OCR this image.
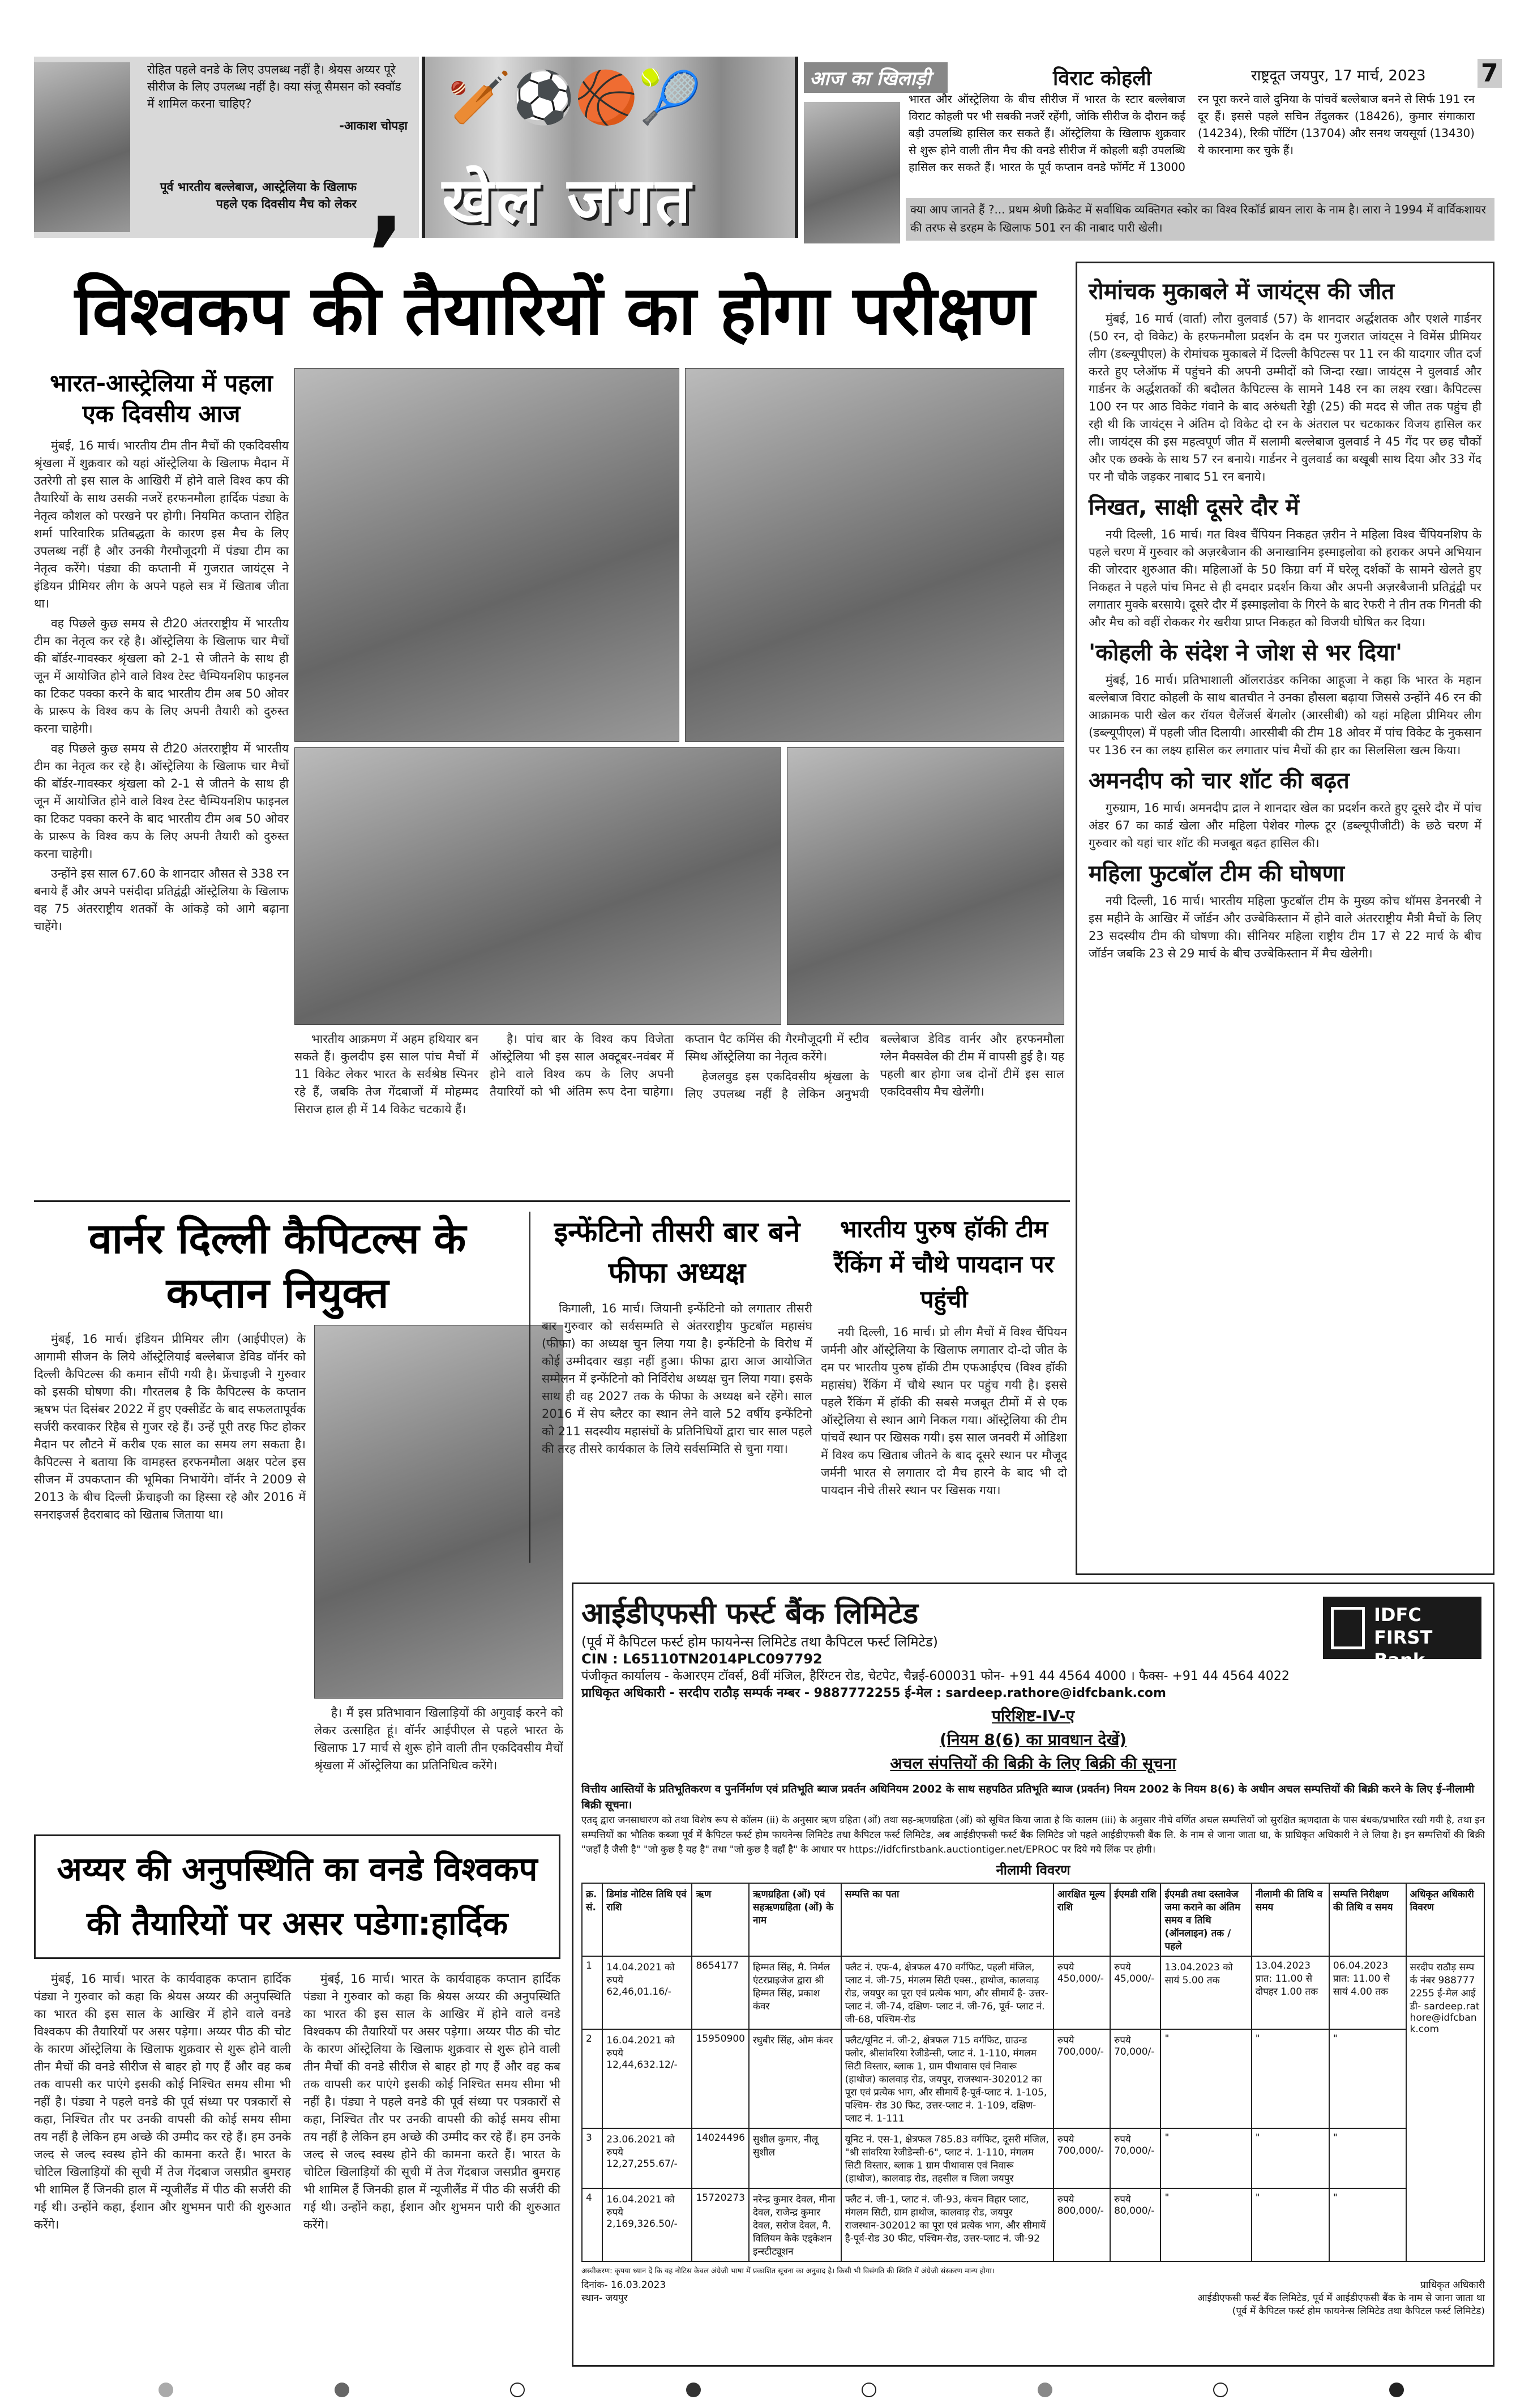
रोहित पहले वनडे के लिए उपलब्ध नहीं है। श्रेयस अय्यर पूरे सीरीज के लिए उपलब्ध नहीं है। क्या संजू सैमसन को स्क्वॉड में शामिल करना चाहिए?
-आकाश चोपड़ा
पूर्व भारतीय बल्लेबाज, आस्ट्रेलिया के खिलाफ पहले एक दिवसीय मैच को लेकर ,
🏏⚽🏀🎾
खेल जगत
आज का खिलाड़ी	विराट कोहली	राष्ट्रदूत जयपुर, 17 मार्च, 2023 7
भारत और ऑस्ट्रेलिया के बीच सीरीज में भारत के स्टार बल्लेबाज विराट कोहली पर भी सबकी नजरें रहेंगी, जोकि सीरीज के दौरान कई बड़ी उपलब्धि हासिल कर सकते हैं। ऑस्ट्रेलिया के खिलाफ शुक्रवार से शुरू होने वाली तीन मैच की वनडे सीरीज में कोहली बड़ी उपलब्धि हासिल कर सकते हैं। भारत के पूर्व कप्तान वनडे फॉर्मेट में 13000 रन पूरा करने वाले दुनिया के पांचवें बल्लेबाज बनने से सिर्फ 191 रन दूर हैं। इससे पहले सचिन तेंदुलकर (18426), कुमार संगाकारा (14234), रिकी पोंटिंग (13704) और सनथ जयसूर्या (13430) ये कारनामा कर चुके हैं।
क्या आप जानते हैं ?... प्रथम श्रेणी क्रिकेट में सर्वाधिक व्यक्तिगत स्कोर का विश्व रिकॉर्ड ब्रायन लारा के नाम है। लारा ने 1994 में वार्विकशायर की तरफ से डरहम के खिलाफ 501 रन की नाबाद पारी खेली।
विश्वकप की तैयारियों का होगा परीक्षण
भारत-आस्ट्रेलिया में पहला एक दिवसीय आज

मुंबई, 16 मार्च। भारतीय टीम तीन मैचों की एकदिवसीय श्रृंखला में शुक्रवार को यहां ऑस्ट्रेलिया के खिलाफ मैदान में उतरेगी तो इस साल के आखिरी में होने वाले विश्व कप की तैयारियों के साथ उसकी नजरें हरफनमौला हार्दिक पंड्या के नेतृत्व कौशल को परखने पर होगी। नियमित कप्तान रोहित शर्मा पारिवारिक प्रतिबद्धता के कारण इस मैच के लिए उपलब्ध नहीं है और उनकी गैरमौजूदगी में पंड्या टीम का नेतृत्व करेंगे। पंड्या की कप्तानी में गुजरात जायंट्स ने इंडियन प्रीमियर लीग के अपने पहले सत्र में खिताब जीता था।

वह पिछले कुछ समय से टी20 अंतरराष्ट्रीय में भारतीय टीम का नेतृत्व कर रहे है। ऑस्ट्रेलिया के खिलाफ चार मैचों की बॉर्डर-गावस्कर श्रृंखला को 2-1 से जीतने के साथ ही जून में आयोजित होने वाले विश्व टेस्ट चैम्पियनशिप फाइनल का टिकट पक्का करने के बाद भारतीय टीम अब 50 ओवर के प्रारूप के विश्व कप के लिए अपनी तैयारी को दुरुस्त करना चाहेगी।

वह पिछले कुछ समय से टी20 अंतरराष्ट्रीय में भारतीय टीम का नेतृत्व कर रहे है। ऑस्ट्रेलिया के खिलाफ चार मैचों की बॉर्डर-गावस्कर श्रृंखला को 2-1 से जीतने के साथ ही जून में आयोजित होने वाले विश्व टेस्ट चैम्पियनशिप फाइनल का टिकट पक्का करने के बाद भारतीय टीम अब 50 ओवर के प्रारूप के विश्व कप के लिए अपनी तैयारी को दुरुस्त करना चाहेगी।

उन्होंने इस साल 67.60 के शानदार औसत से 338 रन बनाये हैं और अपने पसंदीदा प्रतिद्वंद्वी ऑस्ट्रेलिया के खिलाफ वह 75 अंतरराष्ट्रीय शतकों के आंकड़े को आगे बढ़ाना चाहेंगे।

भारतीय आक्रमण में अहम हथियार बन सकते हैं। कुलदीप इस साल पांच मैचों में 11 विकेट लेकर भारत के सर्वश्रेष्ठ स्पिनर रहे हैं, जबकि तेज गेंदबाजों में मोहम्मद सिराज हाल ही में 14 विकेट चटकाये हैं।

है। पांच बार के विश्व कप विजेता ऑस्ट्रेलिया भी इस साल अक्टूबर-नवंबर में होने वाले विश्व कप के लिए अपनी तैयारियों को भी अंतिम रूप देना चाहेगा। कप्तान पैट कमिंस की गैरमौजूदगी में स्टीव स्मिथ ऑस्ट्रेलिया का नेतृत्व करेंगे।

हेजलवुड इस एकदिवसीय श्रृंखला के लिए उपलब्ध नहीं है लेकिन अनुभवी बल्लेबाज डेविड वार्नर और हरफनमौला ग्लेन मैक्सवेल की टीम में वापसी हुई है। यह पहली बार होगा जब दोनों टीमें इस साल एकदिवसीय मैच खेलेंगी।

रोमांचक मुकाबले में जायंट्स की जीत

मुंबई, 16 मार्च (वार्ता) लौरा वुलवार्ड (57) के शानदार अर्द्धशतक और एशले गार्डनर (50 रन, दो विकेट) के हरफनमौला प्रदर्शन के दम पर गुजरात जांयट्स ने विमेंस प्रीमियर लीग (डब्ल्यूपीएल) के रोमांचक मुकाबले में दिल्ली कैपिटल्स पर 11 रन की यादगार जीत दर्ज करते हुए प्लेऑफ में पहुंचने की अपनी उम्मीदों को जिन्दा रखा। जायंट्स ने वुलवार्ड और गार्डनर के अर्द्धशतकों की बदौलत कैपिटल्स के सामने 148 रन का लक्ष्य रखा। कैपिटल्स 100 रन पर आठ विकेट गंवाने के बाद अरुंधती रेड्डी (25) की मदद से जीत तक पहुंच ही रही थी कि जायंट्स ने अंतिम दो विकेट दो रन के अंतराल पर चटकाकर विजय हासिल कर ली। जायंट्स की इस महत्वपूर्ण जीत में सलामी बल्लेबाज वुलवार्ड ने 45 गेंद पर छह चौकों और एक छक्के के साथ 57 रन बनाये। गार्डनर ने वुलवार्ड का बखूबी साथ दिया और 33 गेंद पर नौ चौके जड़कर नाबाद 51 रन बनाये।

निखत, साक्षी दूसरे दौर में

नयी दिल्ली, 16 मार्च। गत विश्व चैंपियन निकहत ज़रीन ने महिला विश्व चैंपियनशिप के पहले चरण में गुरुवार को अज़रबैजान की अनाखानिम इस्माइलोवा को हराकर अपने अभियान की जोरदार शुरुआत की। महिलाओं के 50 किग्रा वर्ग में घरेलू दर्शकों के सामने खेलते हुए निकहत ने पहले पांच मिनट से ही दमदार प्रदर्शन किया और अपनी अज़रबैजानी प्रतिद्वंद्वी पर लगातार मुक्के बरसाये। दूसरे दौर में इस्माइलोवा के गिरने के बाद रेफरी ने तीन तक गिनती की और मैच को वहीं रोककर गेर खरीया प्राप्त निकहत को विजयी घोषित कर दिया।

'कोहली के संदेश ने जोश से भर दिया'

मुंबई, 16 मार्च। प्रतिभाशाली ऑलराउंडर कनिका आहूजा ने कहा कि भारत के महान बल्लेबाज विराट कोहली के साथ बातचीत ने उनका हौसला बढ़ाया जिससे उन्होंने 46 रन की आक्रामक पारी खेल कर रॉयल चैलेंजर्स बेंगलोर (आरसीबी) को यहां महिला प्रीमियर लीग (डब्ल्यूपीएल) में पहली जीत दिलायी। आरसीबी की टीम 18 ओवर में पांच विकेट के नुकसान पर 136 रन का लक्ष्य हासिल कर लगातार पांच मैचों की हार का सिलसिला खत्म किया।

अमनदीप को चार शॉट की बढ़त

गुरुग्राम, 16 मार्च। अमनदीप द्राल ने शानदार खेल का प्रदर्शन करते हुए दूसरे दौर में पांच अंडर 67 का कार्ड खेला और महिला पेशेवर गोल्फ टूर (डब्ल्यूपीजीटी) के छठे चरण में गुरुवार को यहां चार शॉट की मजबूत बढ़त हासिल की।

महिला फुटबॉल टीम की घोषणा

नयी दिल्ली, 16 मार्च। भारतीय महिला फुटबॉल टीम के मुख्य कोच थॉमस डेननरबी ने इस महीने के आखिर में जॉर्डन और उज्बेकिस्तान में होने वाले अंतरराष्ट्रीय मैत्री मैचों के लिए 23 सदस्यीय टीम की घोषणा की। सीनियर महिला राष्ट्रीय टीम 17 से 22 मार्च के बीच जॉर्डन जबकि 23 से 29 मार्च के बीच उज्बेकिस्तान में मैच खेलेगी।

वार्नर दिल्ली कैपिटल्स के कप्तान नियुक्त

मुंबई, 16 मार्च। इंडियन प्रीमियर लीग (आईपीएल) के आगामी सीजन के लिये ऑस्ट्रेलियाई बल्लेबाज डेविड वॉर्नर को दिल्ली कैपिटल्स की कमान सौंपी गयी है। फ्रेंचाइजी ने गुरुवार को इसकी घोषणा की। गौरतलब है कि कैपिटल्स के कप्तान ऋषभ पंत दिसंबर 2022 में हुए एक्सीडेंट के बाद सफलतापूर्वक सर्जरी करवाकर रिहैब से गुजर रहे हैं। उन्हें पूरी तरह फिट होकर मैदान पर लौटने में करीब एक साल का समय लग सकता है। कैपिटल्स ने बताया कि वामहस्त हरफनमौला अक्षर पटेल इस सीजन में उपकप्तान की भूमिका निभायेंगे। वॉर्नर ने 2009 से 2013 के बीच दिल्ली फ्रेंचाइजी का हिस्सा रहे और 2016 में सनराइजर्स हैदराबाद को खिताब जिताया था।

है। मैं इस प्रतिभावान खिलाड़ियों की अगुवाई करने को लेकर उत्साहित हूं। वॉर्नर आईपीएल से पहले भारत के खिलाफ 17 मार्च से शुरू होने वाली तीन एकदिवसीय मैचों श्रृंखला में ऑस्ट्रेलिया का प्रतिनिधित्व करेंगे।

इन्फेंटिनो तीसरी बार बने फीफा अध्यक्ष

किगाली, 16 मार्च। जियानी इन्फेंटिनो को लगातार तीसरी बार गुरुवार को सर्वसम्मति से अंतरराष्ट्रीय फुटबॉल महासंघ (फीफा) का अध्यक्ष चुन लिया गया है। इन्फेंटिनो के विरोध में कोई उम्मीदवार खड़ा नहीं हुआ। फीफा द्वारा आज आयोजित सम्मेलन में इन्फेंटिनो को निर्विरोध अध्यक्ष चुन लिया गया। इसके साथ ही वह 2027 तक के फीफा के अध्यक्ष बने रहेंगे। साल 2016 में सेप ब्लैटर का स्थान लेने वाले 52 वर्षीय इन्फेंटिनो को 211 सदस्यीय महासंघों के प्रतिनिधियों द्वारा चार साल पहले की तरह तीसरे कार्यकाल के लिये सर्वसम्मिति से चुना गया।

भारतीय पुरुष हॉकी टीम रैंकिंग में चौथे पायदान पर पहुंची

नयी दिल्ली, 16 मार्च। प्रो लीग मैचों में विश्व चैंपियन जर्मनी और ऑस्ट्रेलिया के खिलाफ लगातार दो-दो जीत के दम पर भारतीय पुरुष हॉकी टीम एफआईएच (विश्व हॉकी महासंघ) रैंकिंग में चौथे स्थान पर पहुंच गयी है। इससे पहले रैंकिंग में हॉकी की सबसे मजबूत टीमों में से एक ऑस्ट्रेलिया से स्थान आगे निकल गया। ऑस्ट्रेलिया की टीम पांचवें स्थान पर खिसक गयी। इस साल जनवरी में ओडिशा में विश्व कप खिताब जीतने के बाद दूसरे स्थान पर मौजूद जर्मनी भारत से लगातार दो मैच हारने के बाद भी दो पायदान नीचे तीसरे स्थान पर खिसक गया।

अय्यर की अनुपस्थिति का वनडे विश्वकप की तैयारियों पर असर पडेगा:हार्दिक

मुंबई, 16 मार्च। भारत के कार्यवाहक कप्तान हार्दिक पंड्या ने गुरुवार को कहा कि श्रेयस अय्यर की अनुपस्थिति का भारत की इस साल के आखिर में होने वाले वनडे विश्वकप की तैयारियों पर असर पड़ेगा। अय्यर पीठ की चोट के कारण ऑस्ट्रेलिया के खिलाफ शुक्रवार से शुरू होने वाली तीन मैचों की वनडे सीरीज से बाहर हो गए हैं और वह कब तक वापसी कर पाएंगे इसकी कोई निश्चित समय सीमा भी नहीं है। पंड्या ने पहले वनडे की पूर्व संध्या पर पत्रकारों से कहा, निश्चित तौर पर उनकी वापसी की कोई समय सीमा तय नहीं है लेकिन हम अच्छे की उम्मीद कर रहे हैं। हम उनके जल्द से जल्द स्वस्थ होने की कामना करते हैं। भारत के चोटिल खिलाड़ियों की सूची में तेज गेंदबाज जसप्रीत बुमराह भी शामिल हैं जिनकी हाल में न्यूजीलैंड में पीठ की सर्जरी की गई थी। उन्होंने कहा, ईशान और शुभमन पारी की शुरुआत करेंगे।

मुंबई, 16 मार्च। भारत के कार्यवाहक कप्तान हार्दिक पंड्या ने गुरुवार को कहा कि श्रेयस अय्यर की अनुपस्थिति का भारत की इस साल के आखिर में होने वाले वनडे विश्वकप की तैयारियों पर असर पड़ेगा। अय्यर पीठ की चोट के कारण ऑस्ट्रेलिया के खिलाफ शुक्रवार से शुरू होने वाली तीन मैचों की वनडे सीरीज से बाहर हो गए हैं और वह कब तक वापसी कर पाएंगे इसकी कोई निश्चित समय सीमा भी नहीं है। पंड्या ने पहले वनडे की पूर्व संध्या पर पत्रकारों से कहा, निश्चित तौर पर उनकी वापसी की कोई समय सीमा तय नहीं है लेकिन हम अच्छे की उम्मीद कर रहे हैं। हम उनके जल्द से जल्द स्वस्थ होने की कामना करते हैं। भारत के चोटिल खिलाड़ियों की सूची में तेज गेंदबाज जसप्रीत बुमराह भी शामिल हैं जिनकी हाल में न्यूजीलैंड में पीठ की सर्जरी की गई थी। उन्होंने कहा, ईशान और शुभमन पारी की शुरुआत करेंगे।

आईडीएफसी फर्स्ट बैंक लिमिटेड
(पूर्व में कैपिटल फर्स्ट होम फायनेन्स लिमिटेड तथा कैपिटल फर्स्ट लिमिटेड)
CIN : L65110TN2014PLC097792
पंजीकृत कार्यालय - केआरएम टॉवर्स, 8वीं मंजिल, हैरिंग्टन रोड, चेटपेट, चैन्नई-600031 फोन- +91 44 4564 4000 । फैक्स- +91 44 4564 4022
प्राधिकृत अधिकारी - सरदीप राठौड़ सम्पर्क नम्बर - 9887772255 ई-मेल : sardeep.rathore@idfcbank.com
IDFC FIRST
Bank
परिशिष्ट-IV-ए
(नियम 8(6) का प्रावधान देखें)
अचल संपत्तियों की बिक्री के लिए बिक्री की सूचना
वित्तीय आस्तियों के प्रतिभूतिकरण व पुनर्निर्माण एवं प्रतिभूति ब्याज प्रवर्तन अधिनियम 2002 के साथ सहपठित प्रतिभूति ब्याज (प्रवर्तन) नियम 2002 के नियम 8(6) के अधीन अचल सम्पत्तियों की बिक्री करने के लिए ई-नीलामी बिक्री सूचना।
एतद् द्वारा जनसाधारण को तथा विशेष रूप से कॉलम (ii) के अनुसार ऋण ग्रहिता (ओं) तथा सह-ऋणग्रहिता (ओं) को सूचित किया जाता है कि कालम (iii) के अनुसार नीचे वर्णित अचल सम्पत्तियों जो सुरक्षित ऋणदाता के पास बंधक/प्रभारित रखी गयी है, तथा इन सम्पत्तियों का भौतिक कब्जा पूर्व में कैपिटल फर्स्ट होम फायनेन्स लिमिटेड तथा कैपिटल फर्स्ट लिमिटेड, अब आईडीएफसी फर्स्ट बैंक लिमिटेड जो पहले आईडीएफसी बैंक लि. के नाम से जाना जाता था, के प्राधिकृत अधिकारी ने ले लिया है। इन सम्पत्तियों की बिक्री "जहाँ है जैसी है" "जो कुछ है यह है" तथा "जो कुछ है वहाँ है" के आधार पर https://idfcfirstbank.auctiontiger.net/EPROC पर दिये गये लिंक पर होगी।
नीलामी विवरण
क्र. सं.	डिमांड नोटिस तिथि एवं राशि	ऋण	ऋणग्रहिता (ओं) एवं सहऋणग्रहिता (ओं) के नाम	सम्पत्ति का पता	आरक्षित मूल्य राशि	ईएमडी राशि	ईएमडी तथा दस्तावेज जमा कराने का अंतिम समय व तिथि (ऑनलाइन) तक / पहले	नीलामी की तिथि व समय	सम्पत्ति निरीक्षण की तिथि व समय	अधिकृत अधिकारी विवरण
1	14.04.2021 को रुपये 62,46,01.16/-	8654177	हिम्मत सिंह, मै. निर्मल एंटरप्राइजेज द्वारा श्री हिम्मत सिंह, प्रकाश कंवर	फ्लैट नं. एफ-4, क्षेत्रफल 470 वर्गफिट, पहली मंजिल, प्लाट नं. जी-75, मंगलम सिटी एक्स., हाथोज, कालवाड़ रोड, जयपुर का पूरा एवं प्रत्येक भाग, और सीमायें है- उत्तर-प्लाट नं. जी-74, दक्षिण- प्लाट नं. जी-76, पूर्व- प्लाट नं. जी-68, पश्चिम-रोड	रुपये 450,000/-	रुपये 45,000/-	13.04.2023 को सायं 5.00 तक	13.04.2023 प्रात: 11.00 से दोपहर 1.00 तक	06.04.2023 प्रात: 11.00 से सायं 4.00 तक	सरदीप राठौड़ सम्पर्क नंबर 9887772255 ई-मेल आईडी- sardeep.rathore@idfcbank.com
2	16.04.2021 को रुपये 12,44,632.12/-	15950900	रघुबीर सिंह, ओम कंवर	फ्लैट/यूनिट नं. जी-2, क्षेत्रफल 715 वर्गफिट, ग्राउन्ड फ्लोर, श्रीसांवरिया रेजीडेन्सी, प्लाट नं. 1-110, मंगलम सिटी विस्तार, ब्लाक 1, ग्राम पीथावास एवं निवारू (हाथोज) कालवाड़ रोड, जयपुर, राजस्थान-302012 का पूरा एवं प्रत्येक भाग, और सीमायें है-पूर्व-प्लाट नं. 1-105, पश्चिम- रोड 30 फिट, उत्तर-प्लाट नं. 1-109, दक्षिण- प्लाट नं. 1-111	रुपये 700,000/-	रुपये 70,000/-	"	"	"	
3	23.06.2021 को रुपये 12,27,255.67/-	14024496	सुशील कुमार, नीलू सुशील	यूनिट नं. एस-1, क्षेत्रफल 785.83 वर्गफिट, दूसरी मंजिल, "श्री सांवरिया रेजीडेन्सी-6", प्लाट नं. 1-110, मंगलम सिटी विस्तार, ब्लाक 1 ग्राम पीथावास एवं निवारू (हाथोज), कालवाड़ रोड, तहसील व जिला जयपुर	रुपये 700,000/-	रुपये 70,000/-	"	"	"	
4	16.04.2021 को रुपये 2,169,326.50/-	15720273	नरेन्द्र कुमार देवल, मीना देवल, राजेन्द्र कुमार देवल, सरोज देवल, मै. विलियम केके एड्केशन इन्स्टीट्यूशन	फ्लैट नं. जी-1, प्लाट नं. जी-93, कंचन विहार प्लाट, मंगलम सिटी, ग्राम हाथोज, कालवाड़ रोड, जयपुर राजस्थान-302012 का पूरा एवं प्रत्येक भाग, और सीमायें है-पूर्व-रोड 30 फीट, पश्चिम-रोड, उत्तर-प्लाट नं. जी-92	रुपये 800,000/-	रुपये 80,000/-	"	"	"	
अस्वीकरण: कृपया ध्यान दें कि यह नोटिस केवल अंग्रेजी भाषा में प्रकाशित सूचना का अनुवाद है। किसी भी विसंगति की स्थिति में अंग्रेजी संस्करण मान्य होगा।
दिनांक- 16.03.2023
स्थान- जयपुर
प्राधिकृत अधिकारी
आईडीएफसी फर्स्ट बैंक लिमिटेड, पूर्व में आईडीएफसी बैंक के नाम से जाना जाता था
(पूर्व में कैपिटल फर्स्ट होम फायनेन्स लिमिटेड तथा कैपिटल फर्स्ट लिमिटेड)
